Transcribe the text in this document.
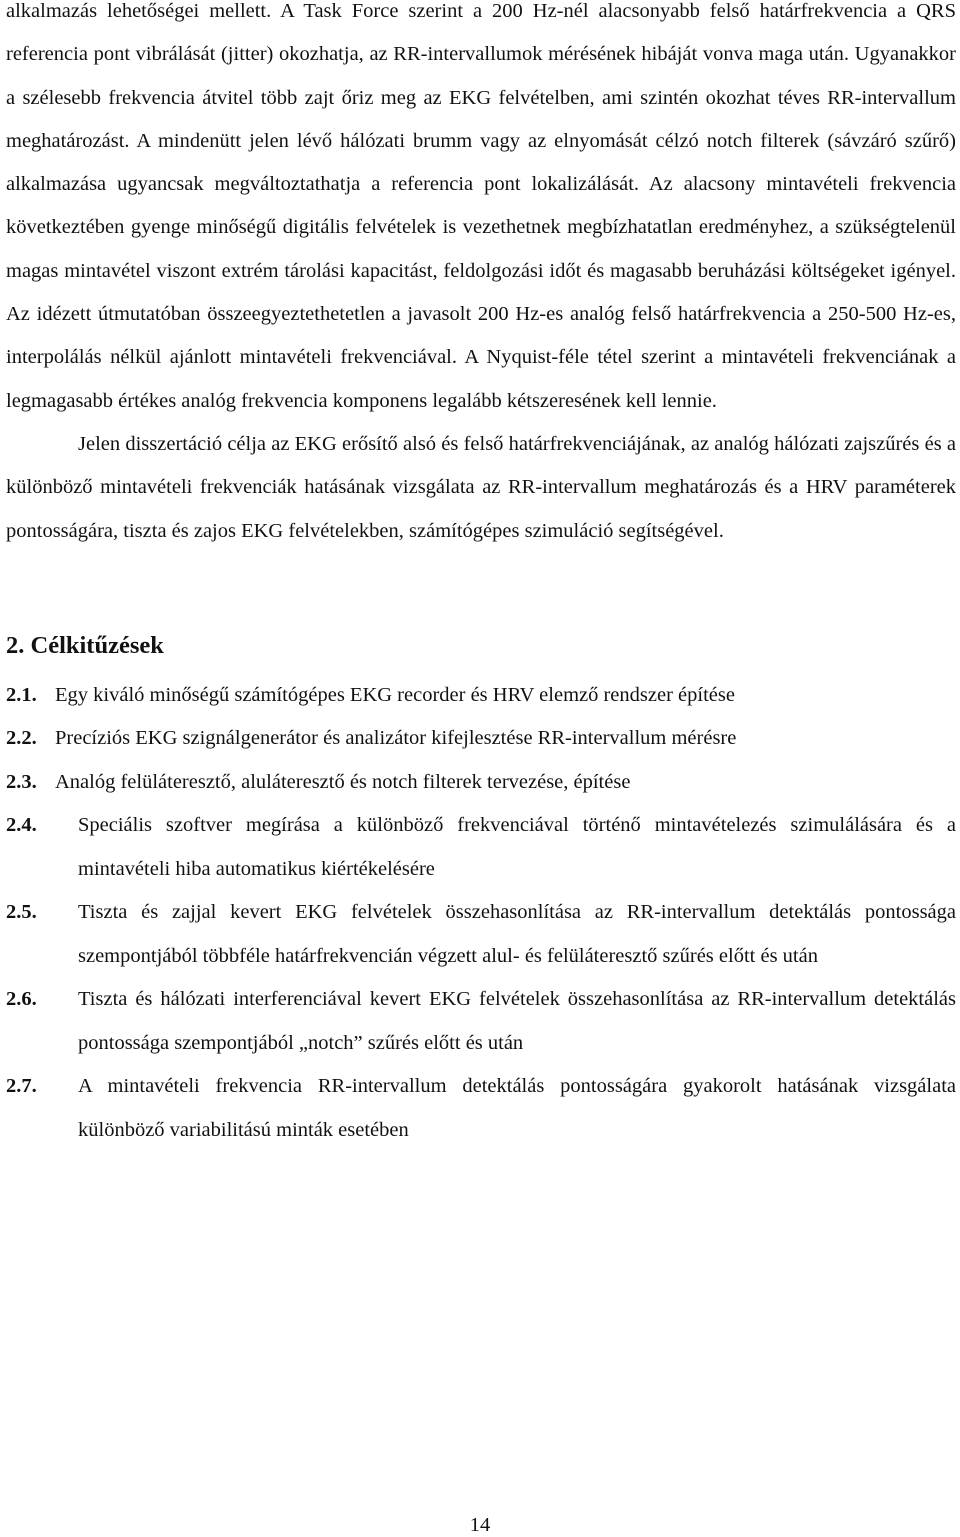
alkalmazás lehetőségei mellett. A Task Force szerint a 200 Hz-nél alacsonyabb felső határfrekvencia a QRS referencia pont vibrálását (jitter) okozhatja, az RR-intervallumok mérésének hibáját vonva maga után. Ugyanakkor a szélesebb frekvencia átvitel több zajt őriz meg az EKG felvételben, ami szintén okozhat téves RR-intervallum meghatározást. A mindenütt jelen lévő hálózati brumm vagy az elnyomását célzó notch filterek (sávzáró szűrő) alkalmazása ugyancsak megváltoztathatja a referencia pont lokalizálását. Az alacsony mintavételi frekvencia következtében gyenge minőségű digitális felvételek is vezethetnek megbízhatatlan eredményhez, a szükségtelenül magas mintavétel viszont extrém tárolási kapacitást, feldolgozási időt és magasabb beruházási költségeket igényel. Az idézett útmutatóban összeegyeztethetetlen a javasolt 200 Hz-es analóg felső határfrekvencia a 250-500 Hz-es, interpolálás nélkül ajánlott mintavételi frekvenciával. A Nyquist-féle tétel szerint a mintavételi frekvenciának a legmagasabb értékes analóg frekvencia komponens legalább kétszeresének kell lennie.

Jelen disszertáció célja az EKG erősítő alsó és felső határfrekvenciájának, az analóg hálózati zajszűrés és a különböző mintavételi frekvenciák hatásának vizsgálata az RR-intervallum meghatározás és a HRV paraméterek pontosságára, tiszta és zajos EKG felvételekben, számítógépes szimuláció segítségével.

2. Célkitűzések
2.1. Egy kiváló minőségű számítógépes EKG recorder és HRV elemző rendszer építése
2.2. Precíziós EKG szignálgenerátor és analizátor kifejlesztése RR-intervallum mérésre
2.3. Analóg felüláteresztő, aluláteresztő és notch filterek tervezése, építése
2.4.	Speciális szoftver megírása a különböző frekvenciával történő mintavételezés szimulálására és a mintavételi hiba automatikus kiértékelésére
2.5.	Tiszta és zajjal kevert EKG felvételek összehasonlítása az RR-intervallum detektálás pontossága szempontjából többféle határfrekvencián végzett alul- és felüláteresztő szűrés előtt és után
2.6.	Tiszta és hálózati interferenciával kevert EKG felvételek összehasonlítása az RR-intervallum detektálás pontossága szempontjából „notch” szűrés előtt és után
2.7.	A mintavételi frekvencia RR-intervallum detektálás pontosságára gyakorolt hatásának vizsgálata különböző variabilitású minták esetében
14
